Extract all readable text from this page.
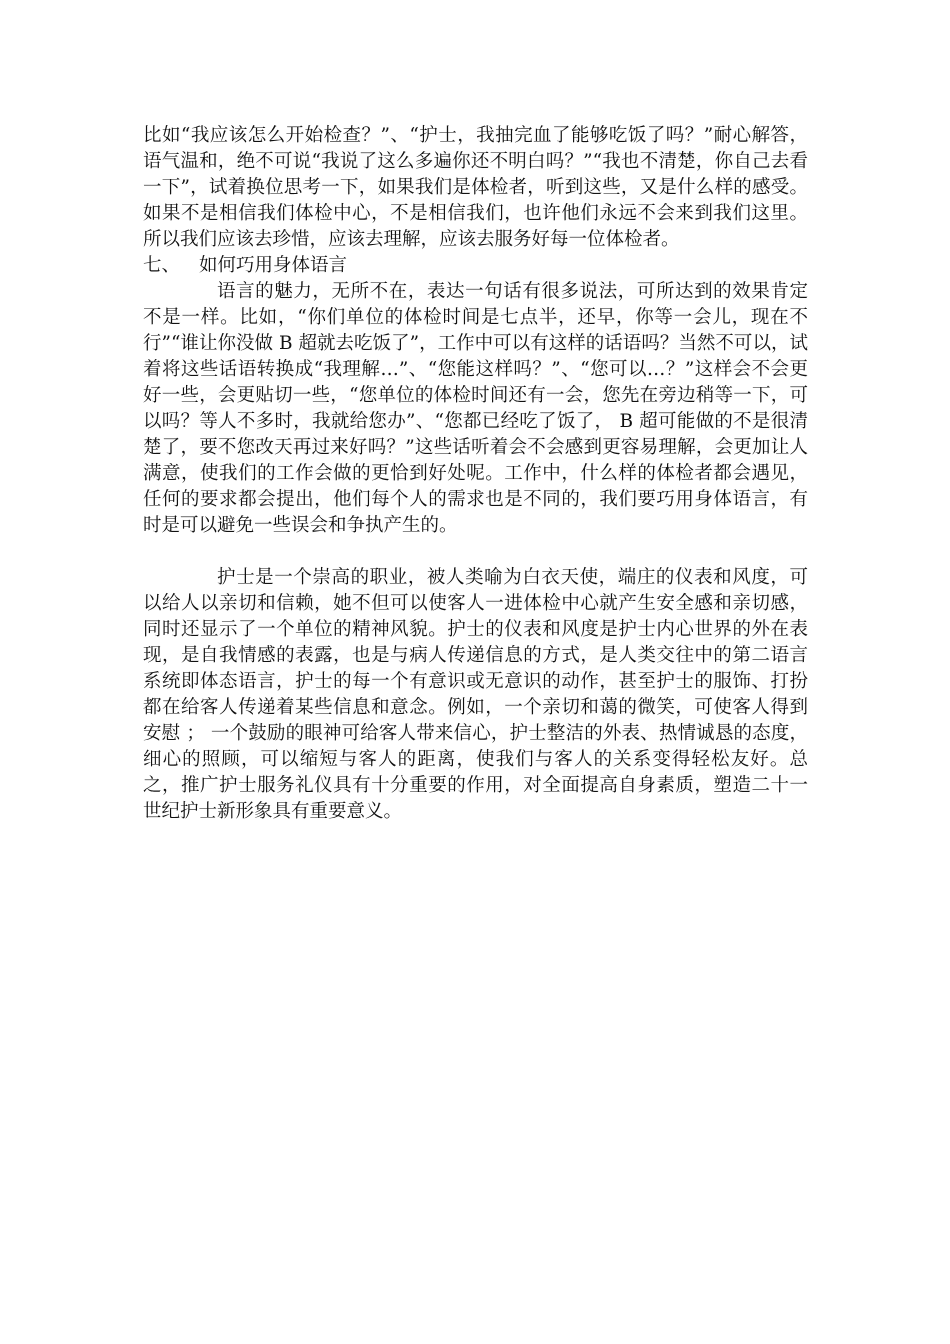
比如“我应该怎么开始检查？”、“护士，我抽完血了能够吃饭了吗？”耐心解答，语气温和，绝不可说“我说了这么多遍你还不明白吗？”“我也不清楚，你自己去看一下”，试着换位思考一下，如果我们是体检者，听到这些，又是什么样的感受。如果不是相信我们体检中心，不是相信我们，也许他们永远不会来到我们这里。所以我们应该去珍惜，应该去理解，应该去服务好每一位体检者。

七、 如何巧用身体语言

语言的魅力，无所不在，表达一句话有很多说法，可所达到的效果肯定不是一样。比如，“你们单位的体检时间是七点半，还早，你等一会儿，现在不行”“谁让你没做 B 超就去吃饭了”，工作中可以有这样的话语吗？当然不可以，试着将这些话语转换成“我理解…”、“您能这样吗？”、“您可以…？”这样会不会更好一些，会更贴切一些，“您单位的体检时间还有一会，您先在旁边稍等一下，可以吗？等人不多时，我就给您办”、“您都已经吃了饭了， B 超可能做的不是很清楚了，要不您改天再过来好吗？”这些话听着会不会感到更容易理解，会更加让人满意，使我们的工作会做的更恰到好处呢。工作中，什么样的体检者都会遇见，任何的要求都会提出，他们每个人的需求也是不同的，我们要巧用身体语言，有时是可以避免一些误会和争执产生的。

护士是一个崇高的职业，被人类喻为白衣天使，端庄的仪表和风度，可以给人以亲切和信赖，她不但可以使客人一进体检中心就产生安全感和亲切感，同时还显示了一个单位的精神风貌。护士的仪表和风度是护士内心世界的外在表现，是自我情感的表露，也是与病人传递信息的方式，是人类交往中的第二语言系统即体态语言，护士的每一个有意识或无意识的动作，甚至护士的服饰、打扮都在给客人传递着某些信息和意念。例如，一个亲切和蔼的微笑，可使客人得到安慰 ； 一个鼓励的眼神可给客人带来信心，护士整洁的外表、热情诚恳的态度，细心的照顾，可以缩短与客人的距离，使我们与客人的关系变得轻松友好。总之，推广护士服务礼仪具有十分重要的作用，对全面提高自身素质，塑造二十一世纪护士新形象具有重要意义。
